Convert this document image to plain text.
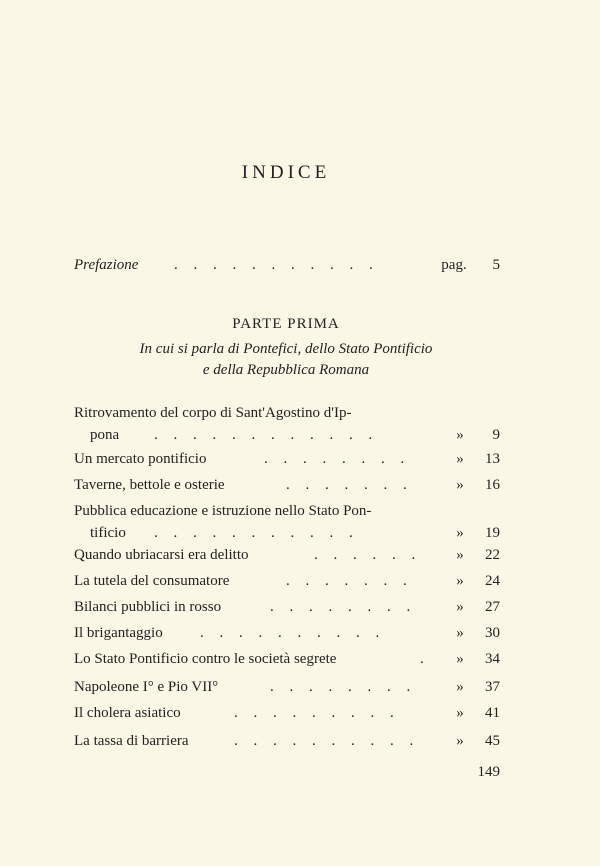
INDICE
Prefazione . . . . . . . . . . .	pag.	5
PARTE PRIMA
In cui si parla di Pontefici, dello Stato Pontificio
e della Repubblica Romana
Ritrovamento del corpo di Sant'Agostino d'Ip-
pona . . . . . . . . . . . .	»	9
Un mercato pontificio	. . . . . . . .	»	13
Taverne, bettole e osterie	. . . . . . .	»	16
Pubblica educazione e istruzione nello Stato Pon-
tificio . . . . . . . . . . .	»	19
Quando ubriacarsi era delitto	. . . . . .	»	22
La tutela del consumatore	. . . . . . .	»	24
Bilanci pubblici in rosso	. . . . . . . .	»	27
Il brigantaggio . . . . . . . . . .	»	30
Lo Stato Pontificio contro le società segrete	.	»	34
Napoleone I° e Pio VII°	. . . . . . . .	»	37
Il cholera asiatico	. . . . . . . . .	»	41
La tassa di barriera	. . . . . . . . . .	»	45
149
